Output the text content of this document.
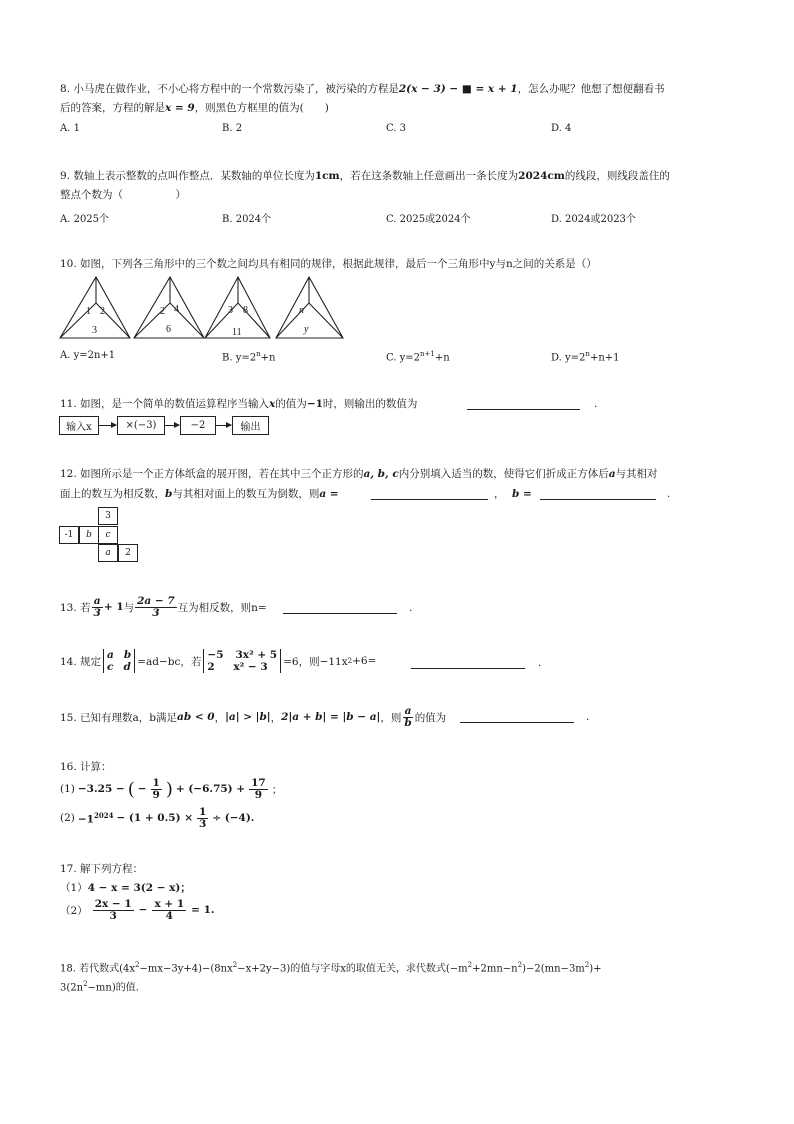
8. 小马虎在做作业，不小心将方程中的一个常数污染了，被污染的方程是2(x − 3) − ■ = x + 1，怎么办呢？他想了想便翻看书
后的答案，方程的解是x = 9，则黑色方框里的值为(　　)
A. 1	B. 2	C. 3	D. 4
9. 数轴上表示整数的点叫作整点．某数轴的单位长度为1cm，若在这条数轴上任意画出一条长度为2024cm的线段，则线段盖住的
整点个数为（　　　　　）
A. 2025个	B. 2024个	C. 2025或2024个	D. 2024或2023个
10. 如图，下列各三角形中的三个数之间均具有相同的规律，根据此规律，最后一个三角形中y与n之间的关系是（）
1 2
3
2 4
6
3 8
11
n
y
A. y=2n+1	B. $y=2^n+n$	C. $y=2^{n+1}+n$	D. $y=2^n+n+1$
11. 如图，是一个简单的数值运算程序当输入x的值为−1时，则输出的数值为	.
输入x	×(−3)	−2	输出
12. 如图所示是一个正方体纸盒的展开图，若在其中三个正方形的a, b, c内分别填入适当的数，使得它们折成正方体后a与其相对
面上的数互为相反数，b与其相对面上的数互为倒数，则a =	， b =	.
3
-1	b	c
a	2
13. 若 $\frac{a}{3} + 1$ 与 $\frac{2a - 7}{3}$ 互为相反数，则n=	.
14. 规定
a b
c d =ad−bc，若
−5 3x² + 5
2	x² − 3 =6，则−11x 2 +6=	.
15. 已知有理数a，b满足 ab < 0 ， |a| > |b| ， 2|a + b| = |b − a| ，则 $\frac{a}{b}$ 的值为	.
16. 计算：
(1) −3.25 − ( − $\frac{1}{9}$ ) + $(-6.75) + \frac{17}{9}$ ；
$(2) -1^{2024} - (1 + 0.5) \times \frac{1}{3} \div (-4)$.
17. 解下列方程：
（1）4 − x = 3(2 − x)；
$(2) \frac{2x - 1}{3} - \frac{x + 1}{4} = 1$.
18. 若代数式$(4x^2-mx-3y+4)-(8nx^2-x+2y-3)$的值与字母x的取值无关，求代数式$(-m^2+2mn-n^2)-2(mn-3m^2)+$
$3(2n^2-mn)$的值.
